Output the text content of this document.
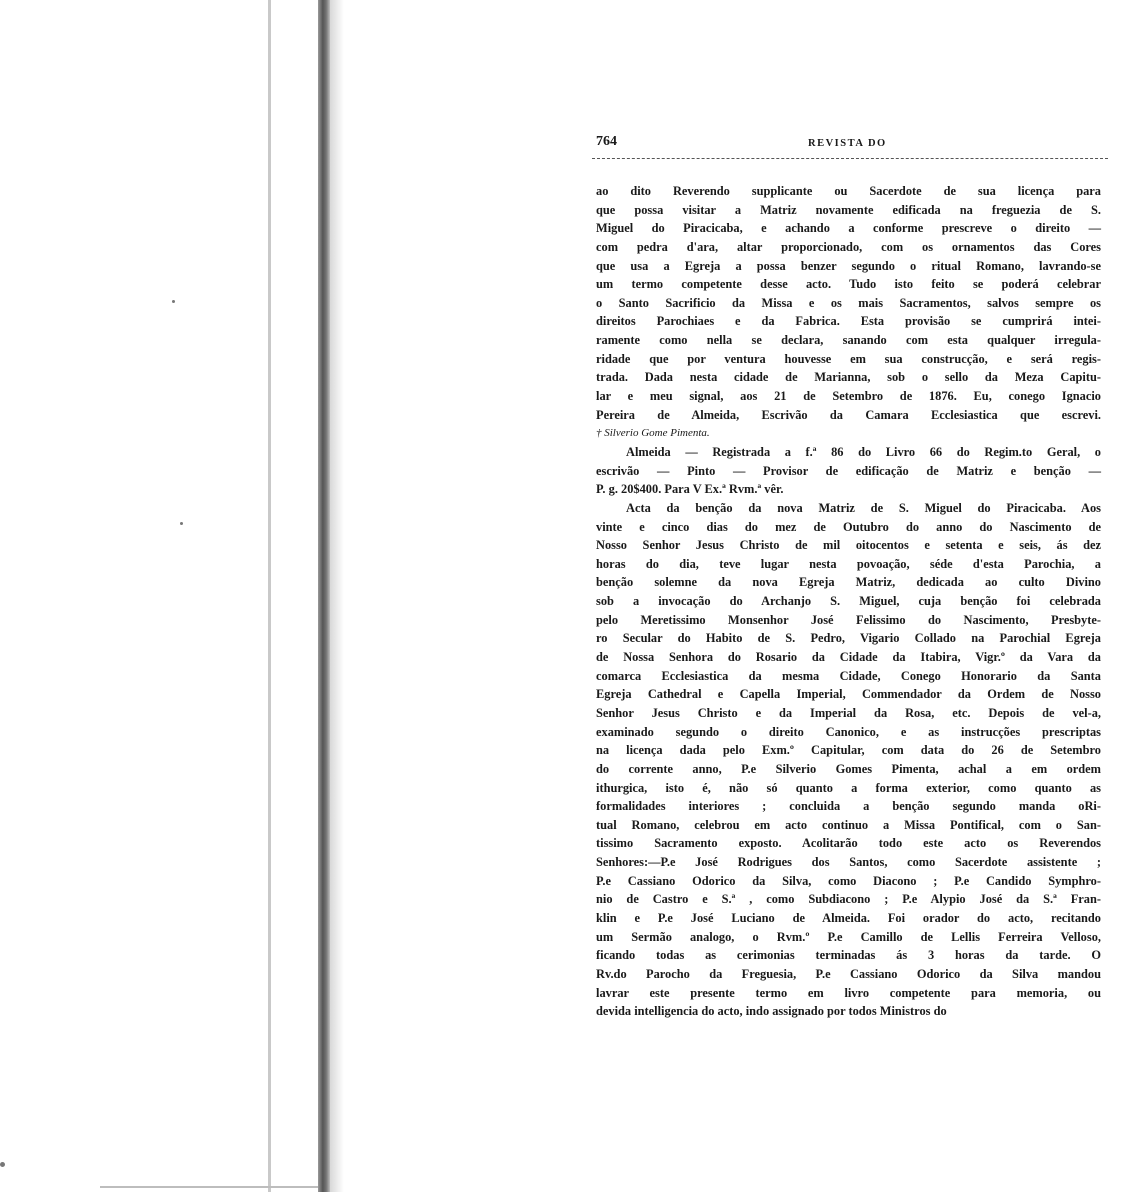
764	REVISTA DO
ao dito Reverendo supplicante ou Sacerdote de sua licença para
que possa visitar a Matriz novamente edificada na freguezia de S.
Miguel do Piracicaba, e achando a conforme prescreve o direito —
com pedra d'ara, altar proporcionado, com os ornamentos das Cores
que usa a Egreja a possa benzer segundo o ritual Romano, lavrando-se
um termo competente desse acto. Tudo isto feito se poderá celebrar
o Santo Sacrificio da Missa e os mais Sacramentos, salvos sempre os
direitos Parochiaes e da Fabrica. Esta provisão se cumprirá intei-
ramente como nella se declara, sanando com esta qualquer irregula-
ridade que por ventura houvesse em sua construcção, e será regis-
trada. Dada nesta cidade de Marianna, sob o sello da Meza Capitu-
lar e meu signal, aos 21 de Setembro de 1876. Eu, conego Ignacio
Pereira de Almeida, Escrivão da Camara Ecclesiastica que escrevi.
† Silverio Gome Pimenta.
Almeida — Registrada a f.ª 86 do Livro 66 do Regim.to Geral, o
escrivão — Pinto — Provisor de edificação de Matriz e benção —
P. g. 20$400. Para V Ex.ª Rvm.ª vêr.
Acta da benção da nova Matriz de S. Miguel do Piracicaba. Aos
vinte e cinco dias do mez de Outubro do anno do Nascimento de
Nosso Senhor Jesus Christo de mil oitocentos e setenta e seis, ás dez
horas do dia, teve lugar nesta povoação, séde d'esta Parochia, a
benção solemne da nova Egreja Matriz, dedicada ao culto Divino
sob a invocação do Archanjo S. Miguel, cuja benção foi celebrada
pelo Meretissimo Monsenhor José Felissimo do Nascimento, Presbyte-
ro Secular do Habito de S. Pedro, Vigario Collado na Parochial Egreja
de Nossa Senhora do Rosario da Cidade da Itabira, Vigr.º da Vara da
comarca Ecclesiastica da mesma Cidade, Conego Honorario da Santa
Egreja Cathedral e Capella Imperial, Commendador da Ordem de Nosso
Senhor Jesus Christo e da Imperial da Rosa, etc. Depois de vel-a,
examinado segundo o direito Canonico, e as instrucções prescriptas
na licença dada pelo Exm.º Capitular, com data do 26 de Setembro
do corrente anno, P.e Silverio Gomes Pimenta, achal a em ordem
ithurgica, isto é, não só quanto a forma exterior, como quanto as
formalidades interiores ; concluida a benção segundo manda oRi-
tual Romano, celebrou em acto continuo a Missa Pontifical, com o San-
tissimo Sacramento exposto. Acolitarão todo este acto os Reverendos
Senhores:—P.e José Rodrigues dos Santos, como Sacerdote assistente ;
P.e Cassiano Odorico da Silva, como Diacono ; P.e Candido Symphro-
nio de Castro e S.ª , como Subdiacono ; P.e Alypio José da S.ª Fran-
klin e P.e José Luciano de Almeida. Foi orador do acto, recitando
um Sermão analogo, o Rvm.º P.e Camillo de Lellis Ferreira Velloso,
ficando todas as cerimonias terminadas ás 3 horas da tarde. O
Rv.do Parocho da Freguesia, P.e Cassiano Odorico da Silva mandou
lavrar este presente termo em livro competente para memoria, ou
devida intelligencia do acto, indo assignado por todos Ministros do
